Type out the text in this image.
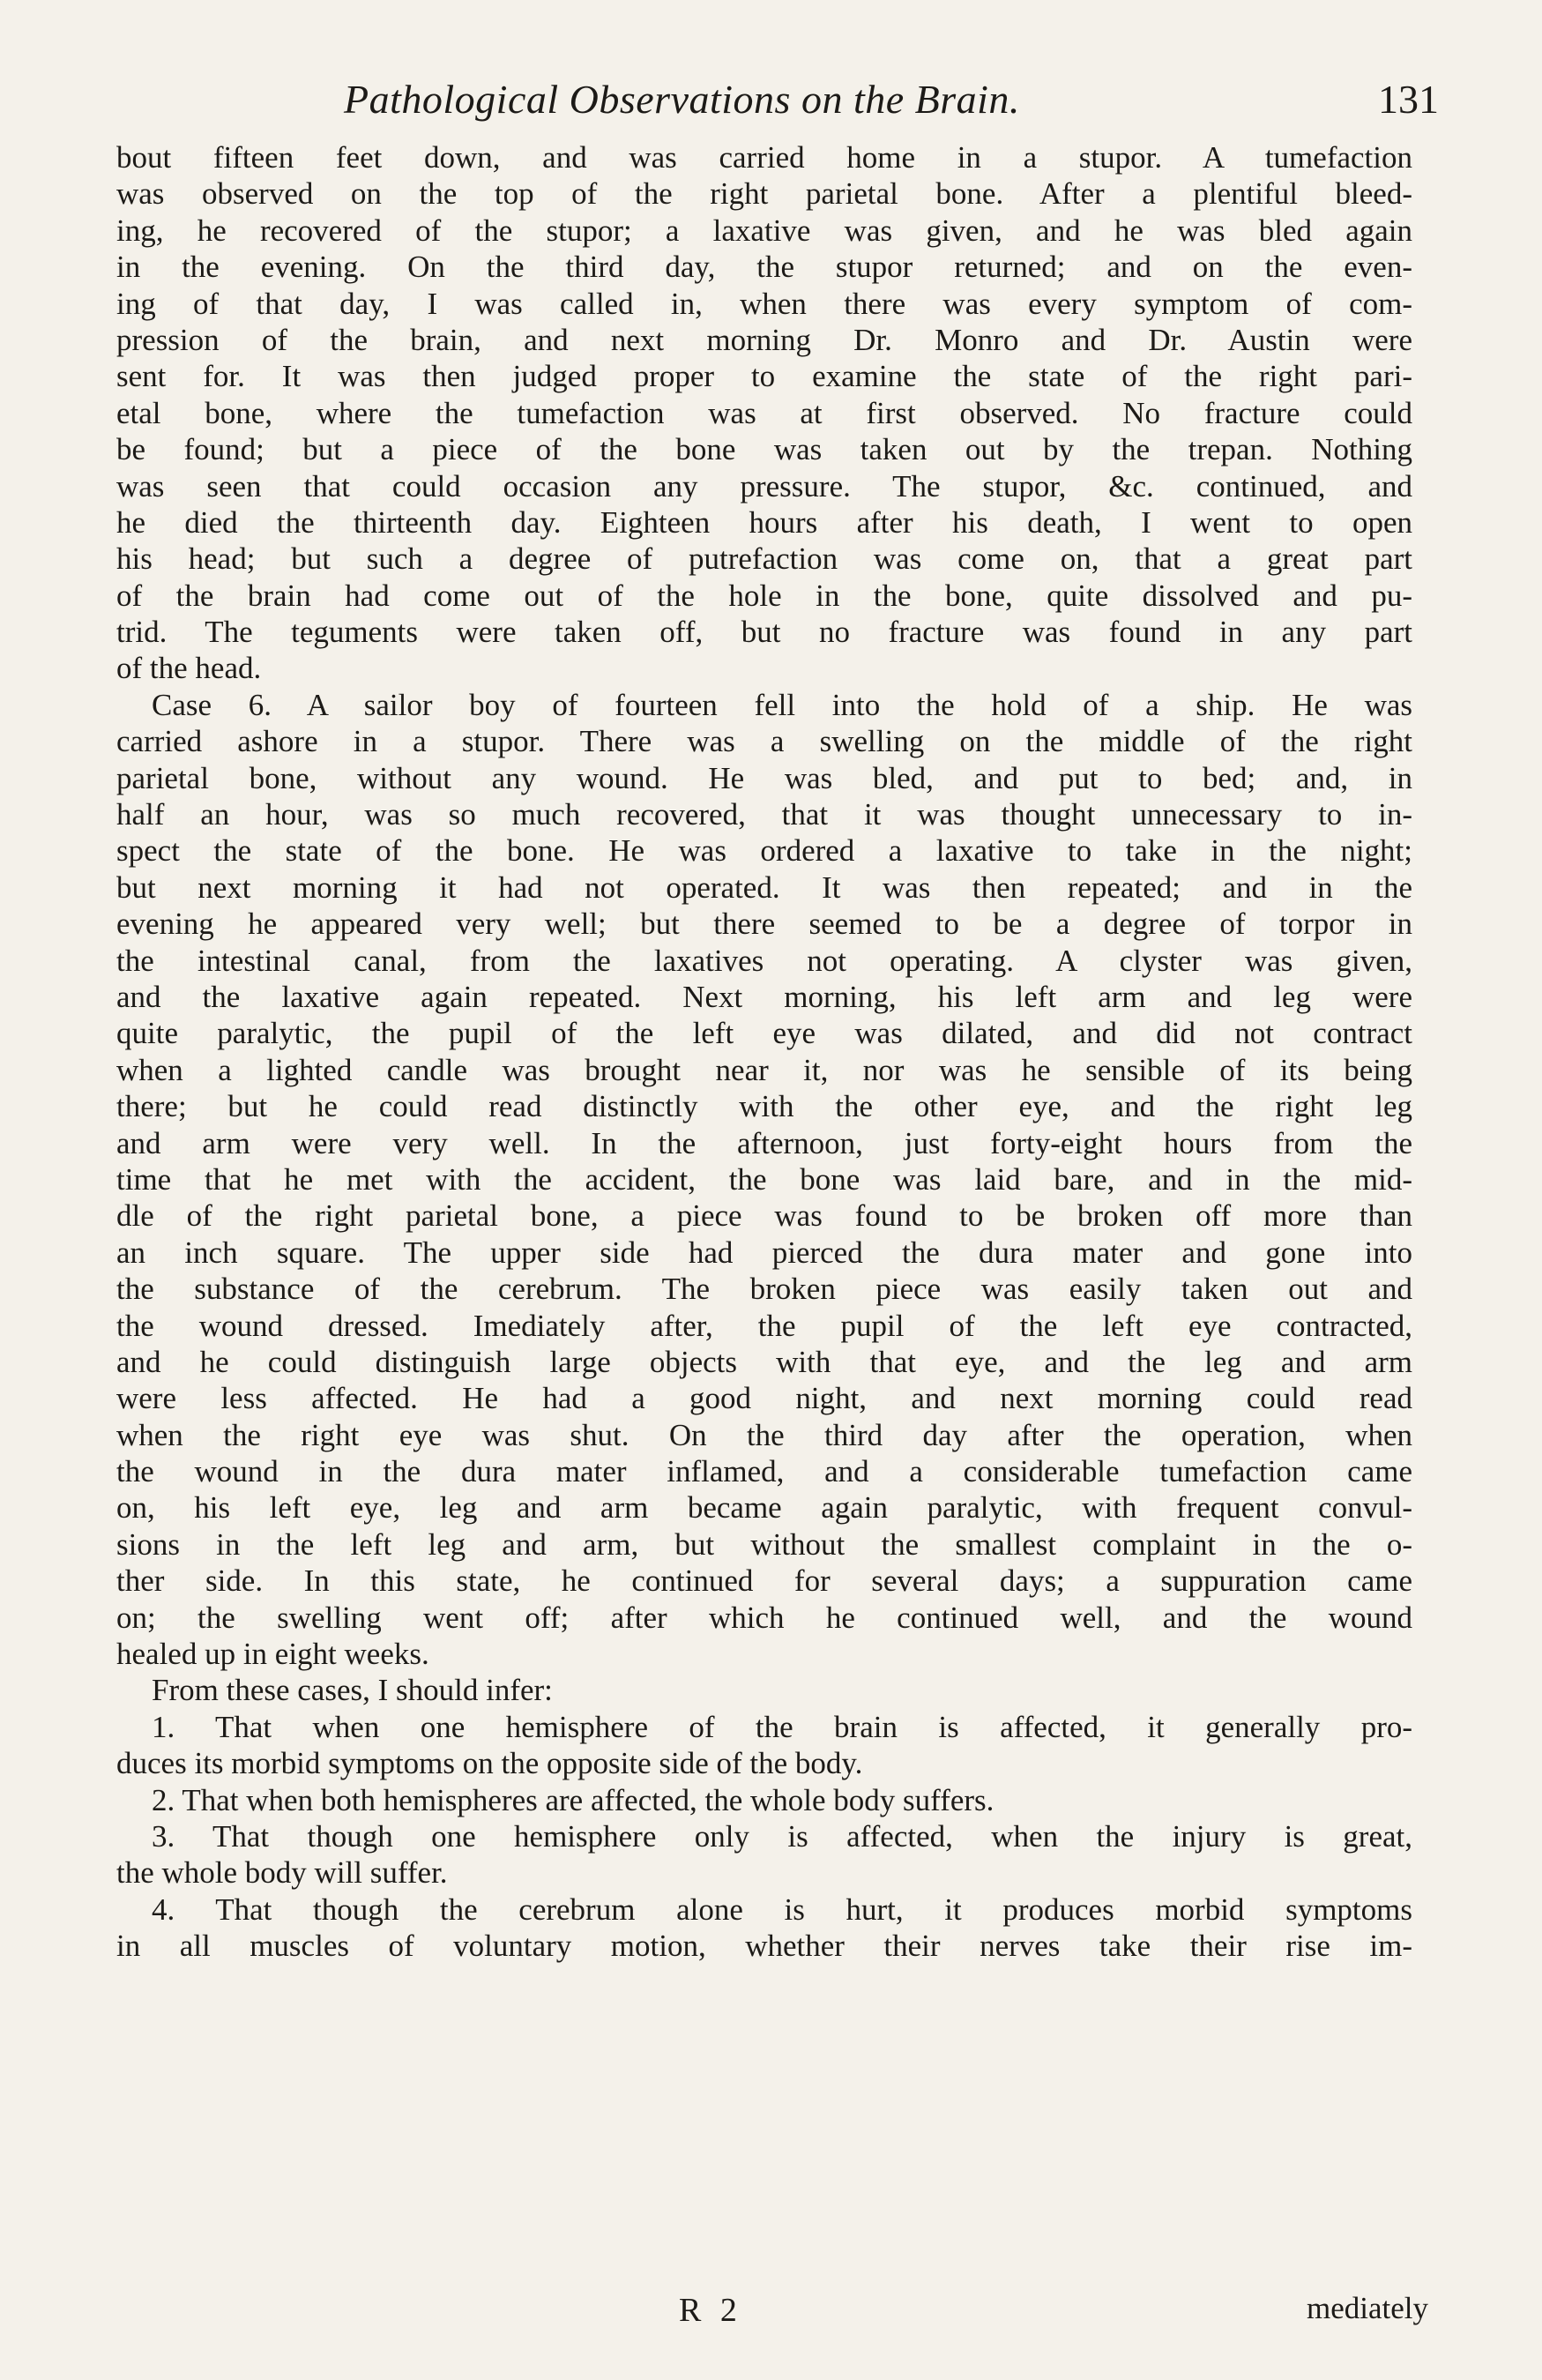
Pathological Observations on the Brain.	131
bout fifteen feet down, and was carried home in a stupor. A tumefaction
was observed on the top of the right parietal bone. After a plentiful bleed-
ing, he recovered of the stupor; a laxative was given, and he was bled again
in the evening. On the third day, the stupor returned; and on the even-
ing of that day, I was called in, when there was every symptom of com-
pression of the brain, and next morning Dr. Monro and Dr. Austin were
sent for. It was then judged proper to examine the state of the right pari-
etal bone, where the tumefaction was at first observed. No fracture could
be found; but a piece of the bone was taken out by the trepan. Nothing
was seen that could occasion any pressure. The stupor, &c. continued, and
he died the thirteenth day. Eighteen hours after his death, I went to open
his head; but such a degree of putrefaction was come on, that a great part
of the brain had come out of the hole in the bone, quite dissolved and pu-
trid. The teguments were taken off, but no fracture was found in any part
of the head.
Case 6. A sailor boy of fourteen fell into the hold of a ship. He was
carried ashore in a stupor. There was a swelling on the middle of the right
parietal bone, without any wound. He was bled, and put to bed; and, in
half an hour, was so much recovered, that it was thought unnecessary to in-
spect the state of the bone. He was ordered a laxative to take in the night;
but next morning it had not operated. It was then repeated; and in the
evening he appeared very well; but there seemed to be a degree of torpor in
the intestinal canal, from the laxatives not operating. A clyster was given,
and the laxative again repeated. Next morning, his left arm and leg were
quite paralytic, the pupil of the left eye was dilated, and did not contract
when a lighted candle was brought near it, nor was he sensible of its being
there; but he could read distinctly with the other eye, and the right leg
and arm were very well. In the afternoon, just forty-eight hours from the
time that he met with the accident, the bone was laid bare, and in the mid-
dle of the right parietal bone, a piece was found to be broken off more than
an inch square. The upper side had pierced the dura mater and gone into
the substance of the cerebrum. The broken piece was easily taken out and
the wound dressed. Imediately after, the pupil of the left eye contracted,
and he could distinguish large objects with that eye, and the leg and arm
were less affected. He had a good night, and next morning could read
when the right eye was shut. On the third day after the operation, when
the wound in the dura mater inflamed, and a considerable tumefaction came
on, his left eye, leg and arm became again paralytic, with frequent convul-
sions in the left leg and arm, but without the smallest complaint in the o-
ther side. In this state, he continued for several days; a suppuration came
on; the swelling went off; after which he continued well, and the wound
healed up in eight weeks.
From these cases, I should infer:
1. That when one hemisphere of the brain is affected, it generally pro-
duces its morbid symptoms on the opposite side of the body.
2. That when both hemispheres are affected, the whole body suffers.
3. That though one hemisphere only is affected, when the injury is great,
the whole body will suffer.
4. That though the cerebrum alone is hurt, it produces morbid symptoms
in all muscles of voluntary motion, whether their nerves take their rise im-
R 2	mediately
